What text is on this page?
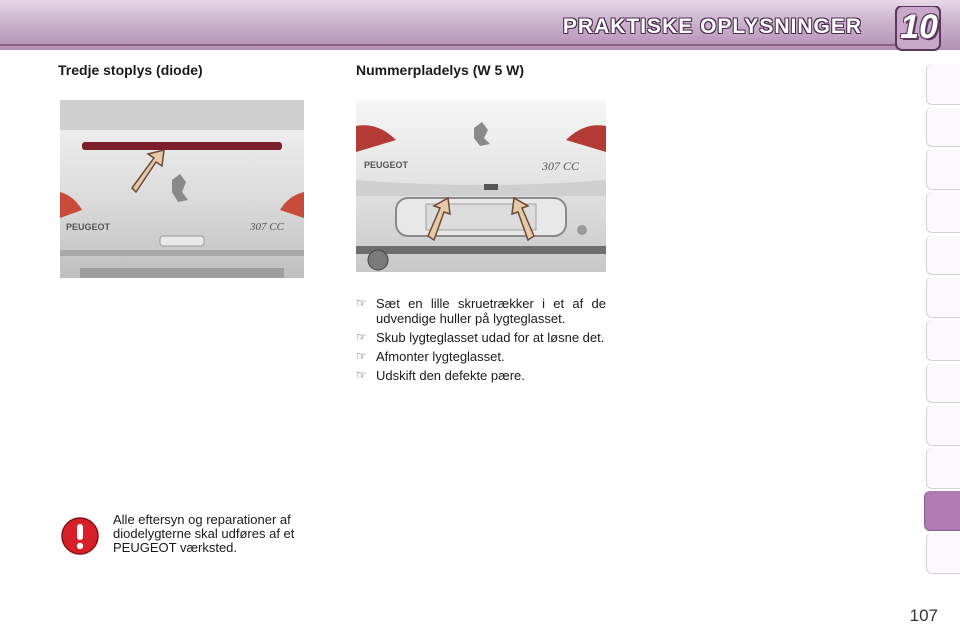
PRAKTISKE OPLYSNINGER 10
Tredje stoplys (diode)
PEUGEOT	307 CC
Nummerpladelys (W 5 W)
PEUGEOT	307 CC
☞ Sæt en lille skruetrækker i et af de udvendige huller på lygteglasset.
☞ Skub lygteglasset udad for at løsne det.
☞ Afmonter lygteglasset.
☞ Udskift den defekte pære.
Alle eftersyn og reparationer af diodelygterne skal udføres af et PEUGEOT værksted.
107
